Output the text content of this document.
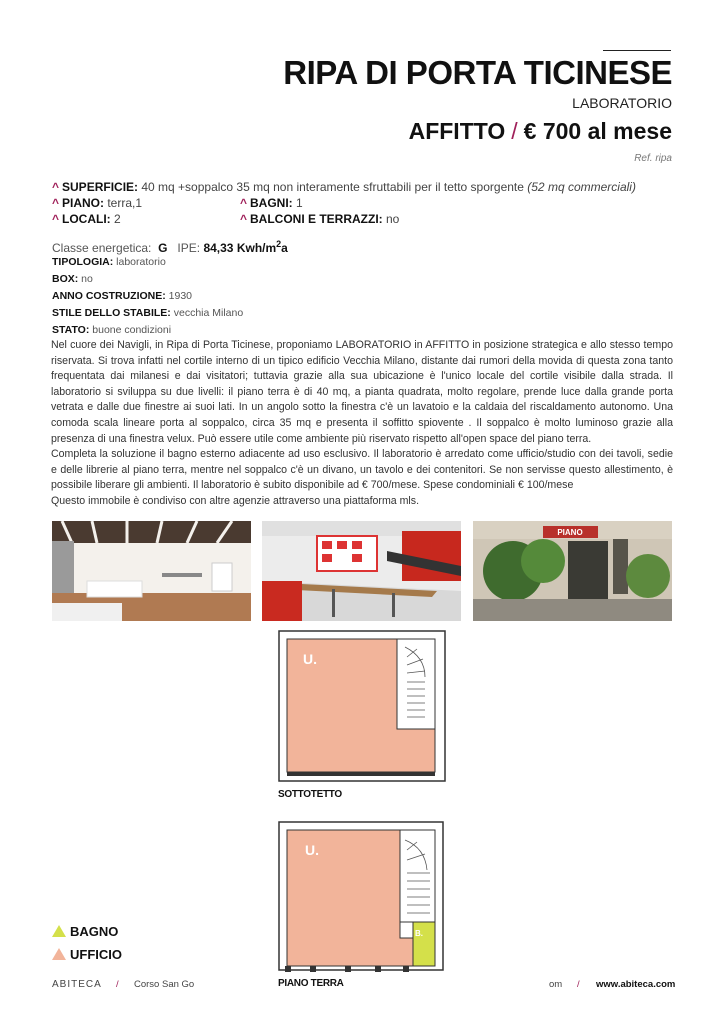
RIPA DI PORTA TICINESE
LABORATORIO
AFFITTO / € 700 al mese
Ref. ripa
^ SUPERFICIE: 40 mq +soppalco 35 mq non interamente sfruttabili per il tetto sporgente (52 mq commerciali)
^ PIANO: terra,1	^ BAGNI: 1
^ LOCALI: 2	^ BALCONI E TERRAZZI: no
Classe energetica: G IPE: 84,33 Kwh/$m^2a$
TIPOLOGIA: laboratorio
BOX: no
ANNO COSTRUZIONE: 1930
STILE DELLO STABILE: vecchia Milano
STATO: buone condizioni

Nel cuore dei Navigli, in Ripa di Porta Ticinese, proponiamo LABORATORIO in AFFITTO in posizione strategica e allo stesso tempo riservata. Si trova infatti nel cortile interno di un tipico edificio Vecchia Milano, distante dai rumori della movida di questa zona tanto frequentata dai milanesi e dai visitatori; tuttavia grazie alla sua ubicazione è l'unico locale del cortile visibile dalla strada. Il laboratorio si sviluppa su due livelli: il piano terra è di 40 mq, a pianta quadrata, molto regolare, prende luce dalla grande porta vetrata e dalle due finestre ai suoi lati. In un angolo sotto la finestra c'è un lavatoio e la caldaia del riscaldamento autonomo. Una comoda scala lineare porta al soppalco, circa 35 mq e presenta il soffitto spiovente . Il soppalco è molto luminoso grazie alla presenza di una finestra velux. Può essere utile come ambiente più riservato rispetto all'open space del piano terra.

Completa la soluzione il bagno esterno adiacente ad uso esclusivo. Il laboratorio è arredato come ufficio/studio con dei tavoli, sedie e delle librerie al piano terra, mentre nel soppalco c'è un divano, un tavolo e dei contenitori. Se non servisse questo allestimento, è possibile liberare gli ambienti. Il laboratorio è subito disponibile ad € 700/mese. Spese condominiali € 100/mese

Questo immobile è condiviso con altre agenzie attraverso una piattaforma mls.

PIANO
U.
SOTTOTETTO
U.
B.
PIANO TERRA
BAGNO
UFFICIO
ABITECA / Corso San Go	om / www.abiteca.com
